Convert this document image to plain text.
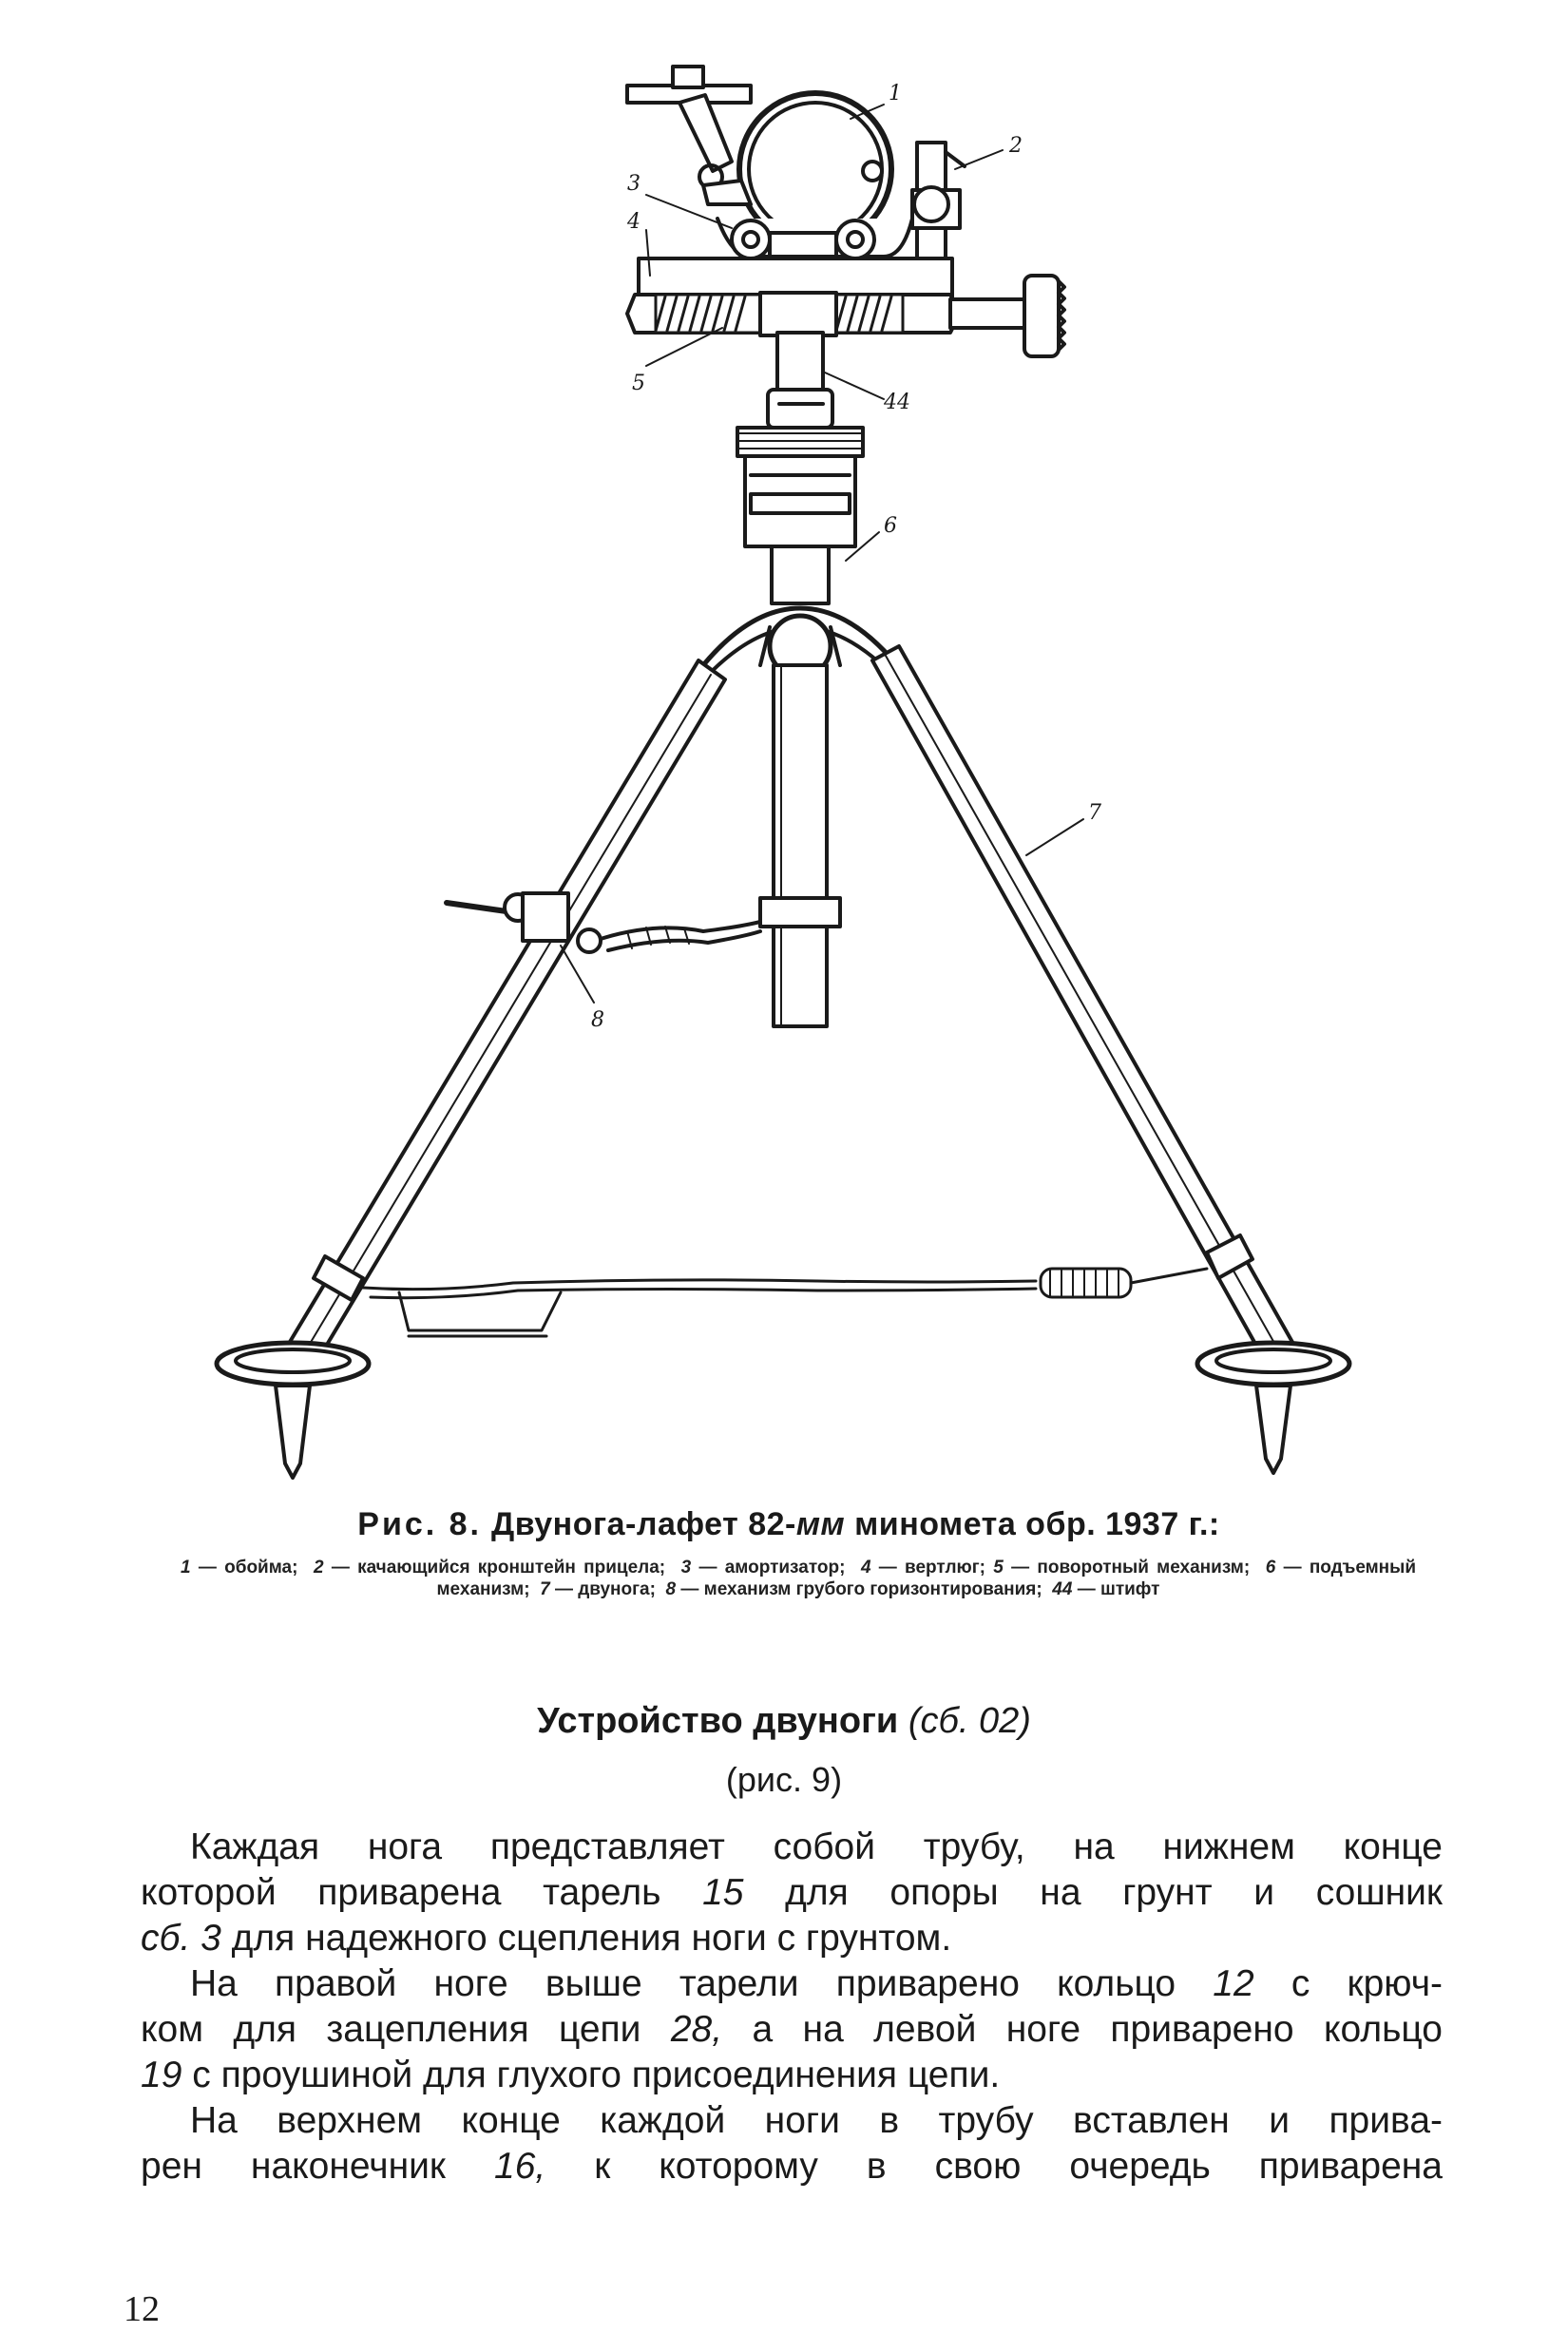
1
2
3
4
5
44
6
7
8
Рис. 8. Двунога-лафет 82-мм миномета обр. 1937 г.:
1 — обойма; 2 — качающийся кронштейн прицела; 3 — амортизатор; 4 — вертлюг; 5 — поворотный механизм; 6 — подъемный механизм; 7 — двунога; 8 — механизм грубого горизонтирования; 44 — штифт
Устройство двуноги (сб. 02)
(рис. 9)
Каждая нога представляет собой трубу, на нижнем конце
которой приварена тарель 15 для опоры на грунт и сошник
сб. 3 для надежного сцепления ноги с грунтом.
На правой ноге выше тарели приварено кольцо 12 с крюч-
ком для зацепления цепи 28, а на левой ноге приварено кольцо
19 с проушиной для глухого присоединения цепи.
На верхнем конце каждой ноги в трубу вставлен и прива-
рен наконечник 16, к которому в свою очередь приварена
12
